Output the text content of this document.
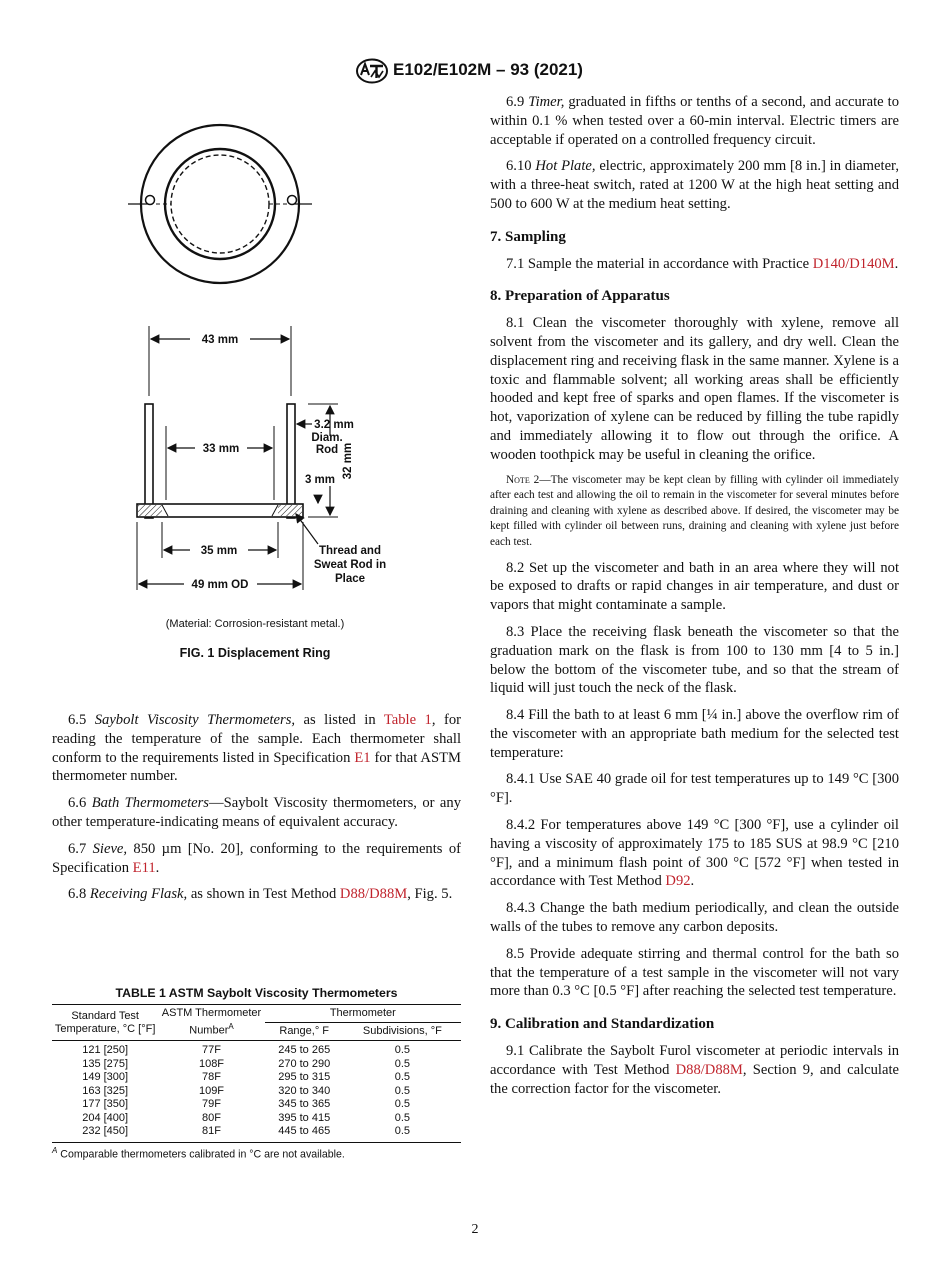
E102/E102M – 93 (2021)
43 mm
33 mm
3.2 mm
Diam.
Rod 32 mm
3 mm
35 mm
49 mm OD
Thread and
Sweat Rod in
Place
(Material: Corrosion-resistant metal.)
FIG. 1 Displacement Ring

6.5 Saybolt Viscosity Thermometers, as listed in Table 1, for reading the temperature of the sample. Each thermometer shall conform to the requirements listed in Specification E1 for that ASTM thermometer number.

6.6 Bath Thermometers—Saybolt Viscosity thermometers, or any other temperature-indicating means of equivalent accuracy.

6.7 Sieve, 850 µm [No. 20], conforming to the requirements of Specification E11.

6.8 Receiving Flask, as shown in Test Method D88/D88M, Fig. 5.

TABLE 1 ASTM Saybolt Viscosity Thermometers
Standard Test Temperature, °C [°F]	ASTM Thermometer Number$^A$	Thermometer	
		Range,° F	Subdivisions, °F
121 [250]	77F	245 to 265	0.5
135 [275]	108F	270 to 290	0.5
149 [300]	78F	295 to 315	0.5
163 [325]	109F	320 to 340	0.5
177 [350]	79F	345 to 365	0.5
204 [400]	80F	395 to 415	0.5
232 [450]	81F	445 to 465	0.5
$^A$ Comparable thermometers calibrated in °C are not available.

6.9 Timer, graduated in fifths or tenths of a second, and accurate to within 0.1 % when tested over a 60-min interval. Electric timers are acceptable if operated on a controlled frequency circuit.

6.10 Hot Plate, electric, approximately 200 mm [8 in.] in diameter, with a three-heat switch, rated at 1200 W at the high heat setting and 500 to 600 W at the medium heat setting.

7. Sampling

7.1 Sample the material in accordance with Practice D140/D140M.

8. Preparation of Apparatus

8.1 Clean the viscometer thoroughly with xylene, remove all solvent from the viscometer and its gallery, and dry well. Clean the displacement ring and receiving flask in the same manner. Xylene is a toxic and flammable solvent; all working areas shall be efficiently hooded and kept free of sparks and open flames. If the viscometer is hot, vaporization of xylene can be reduced by filling the tube rapidly and immediately allowing it to flow out through the orifice. A wooden toothpick may be useful in cleaning the orifice.

Note 2—The viscometer may be kept clean by filling with cylinder oil immediately after each test and allowing the oil to remain in the viscometer for several minutes before draining and cleaning with xylene as described above. If desired, the viscometer may be kept filled with cylinder oil between runs, draining and cleaning with xylene just before each test.

8.2 Set up the viscometer and bath in an area where they will not be exposed to drafts or rapid changes in air temperature, and dust or vapors that might contaminate a sample.

8.3 Place the receiving flask beneath the viscometer so that the graduation mark on the flask is from 100 to 130 mm [4 to 5 in.] below the bottom of the viscometer tube, and so that the stream of liquid will just touch the neck of the flask.

8.4 Fill the bath to at least 6 mm [¼ in.] above the overflow rim of the viscometer with an appropriate bath medium for the selected test temperature:

8.4.1 Use SAE 40 grade oil for test temperatures up to 149 °C [300 °F].

8.4.2 For temperatures above 149 °C [300 °F], use a cylinder oil having a viscosity of approximately 175 to 185 SUS at 98.9 °C [210 °F], and a minimum flash point of 300 °C [572 °F] when tested in accordance with Test Method D92.

8.4.3 Change the bath medium periodically, and clean the outside walls of the tubes to remove any carbon deposits.

8.5 Provide adequate stirring and thermal control for the bath so that the temperature of a test sample in the viscometer will not vary more than 0.3 °C [0.5 °F] after reaching the selected test temperature.

9. Calibration and Standardization

9.1 Calibrate the Saybolt Furol viscometer at periodic intervals in accordance with Test Method D88/D88M, Section 9, and calculate the correction factor for the viscometer.

2
